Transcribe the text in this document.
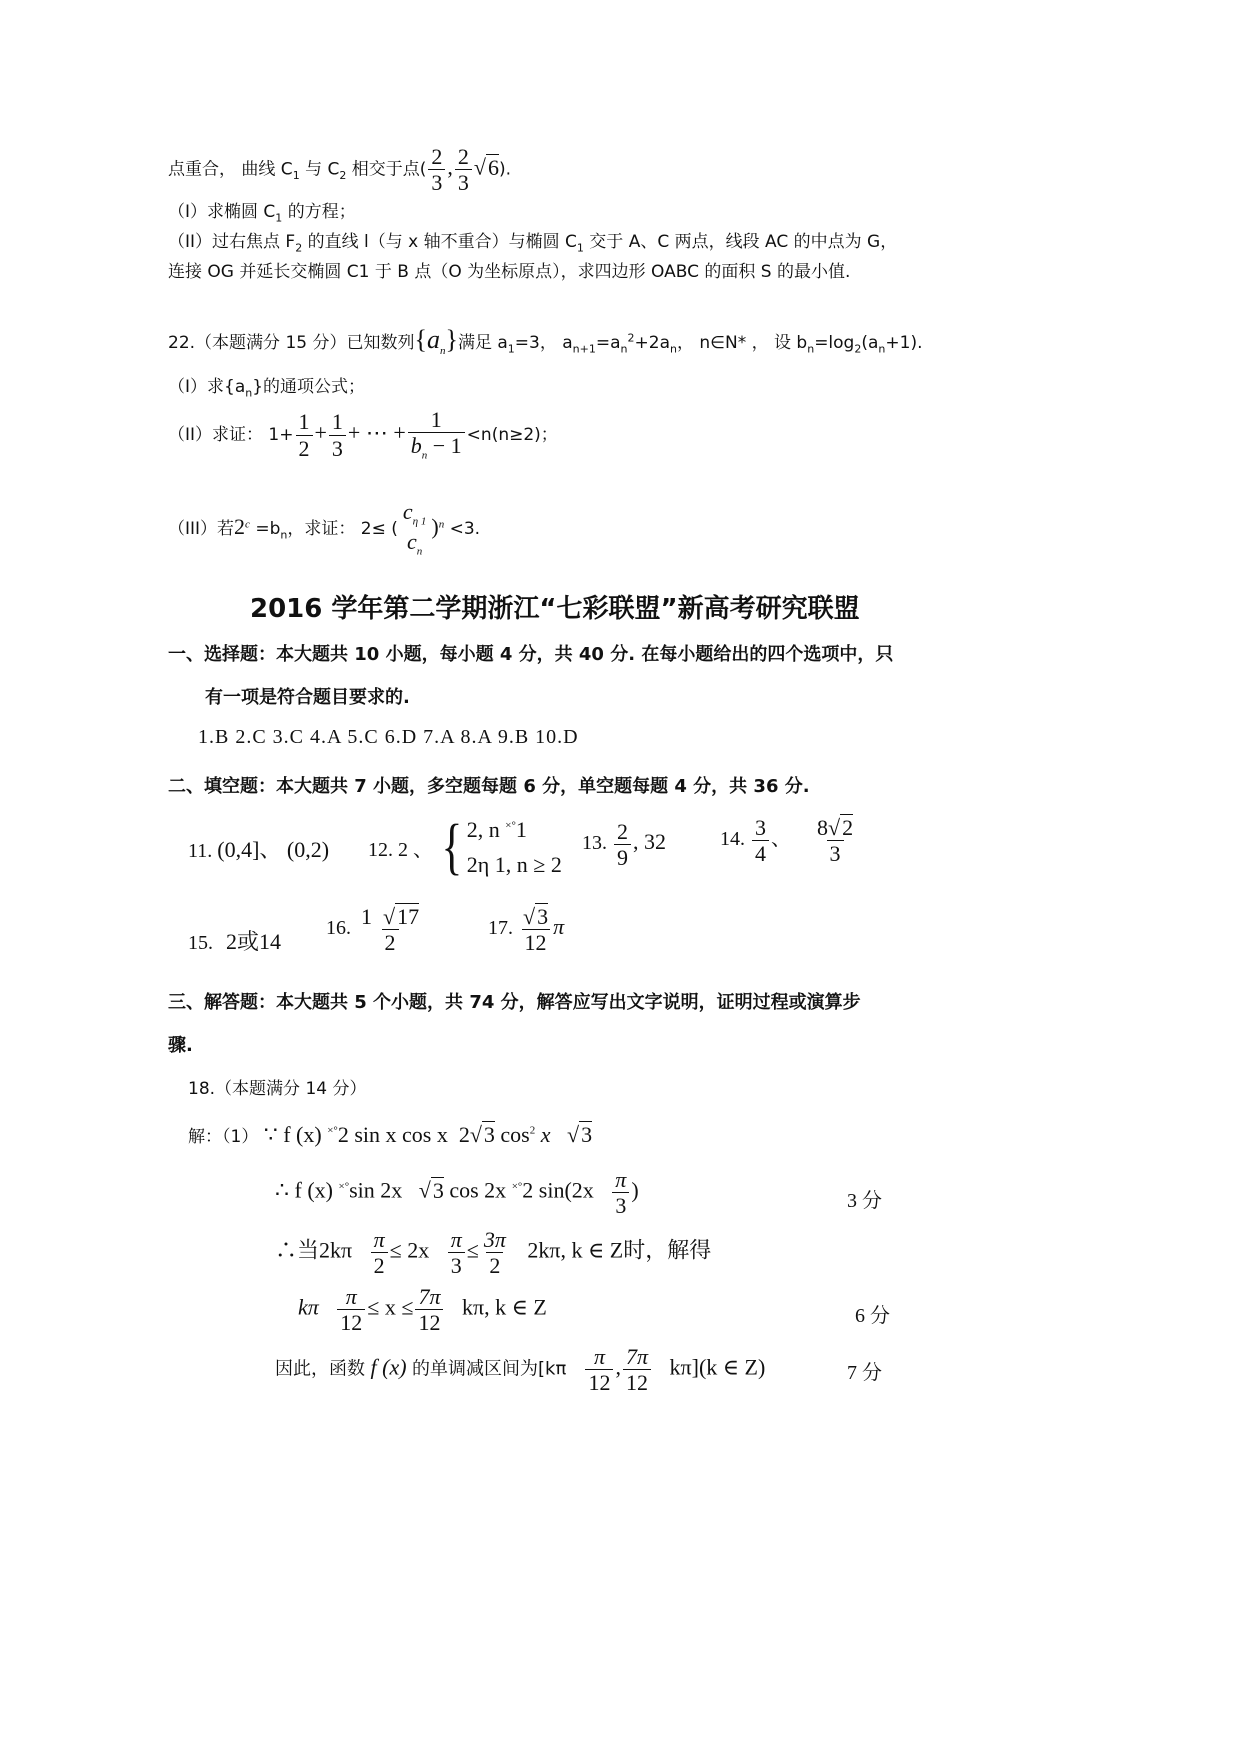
点重合， 曲线 $C_1$ 与 $C_2$ 相交于点( $\frac{2}{3}$ , $\frac{2}{3} √6$).
（I）求椭圆 $C_1$ 的方程；
（II）过右焦点 $F_2$ 的直线 l（与 x 轴不重合）与椭圆 $C_1$ 交于 A、C 两点，线段 AC 的中点为 G，
连接 OG 并延长交椭圆 C1 于 B 点（O 为坐标原点），求四边形 OABC 的面积 S 的最小值.
22.（本题满分 15 分）已知数列$\{a_n\}$满足 $a_1=3$， $a_{n+1}=a_n^2+2a_n$， n∈N* ， 设 $b_n=\log_2(a_n+1)$.
（I）求$\{a_n\}$的通项公式；
（II）求证： $1+ \frac{1}{2} + \frac{1}{3}$ + ⋯ + $\frac{1}{b_n - 1} <n(n\ge 2)$；
（III）若$2^c =b_n$，求证： 2≤ (
$c_{\eta 1}$
$c_n$
)$^n$ <3.
2016 学年第二学期浙江“七彩联盟”新高考研究联盟
一、选择题：本大题共 10 小题，每小题 4 分，共 40 分. 在每小题给出的四个选项中，只
有一项是符合题目要求的.
1.B 2.C 3.C 4.A 5.C 6.D 7.A 8.A 9.B 10.D
二、填空题：本大题共 7 小题，多空题每题 6 分，单空题每题 4 分，共 36 分.
11. (0,4]、 (0,2) 12. 2 、 { 2, n ×°1
2η 1, n ≥ 2
13. $\frac{2}{9}$ , 32	14. $\frac{3}{4}$ 、 $\frac{8√2}{3}$
15. 2或14
16. $\frac{1 √17}{2}$	17. $\frac{√3}{12}$ π
三、解答题：本大题共 5 个小题，共 74 分，解答应写出文字说明，证明过程或演算步
骤.
18.（本题满分 14 分）
解：（1） ∵ f (x) ×°2 sin x cos x  2√3 $\cos^2 x$   √3
∴ f (x) ×°sin 2x   √3 cos 2x ×°2 $\sin(2x \frac{\pi}{3}$ )	3 分
∴当$2k\pi \frac{\pi}{2} \le 2x \frac{\pi}{3} \le \frac{3\pi}{2} 2k\pi$, k ∈ Z时，解得
kπ $\frac{\pi}{12} \le x \le \frac{7\pi}{12} k\pi$, k ∈ Z	6 分
因此，函数 f (x) 的单调减区间为[$k\pi \frac{\pi}{12}$ , $\frac{7\pi}{12} k\pi](k$ ∈ Z)	7 分
